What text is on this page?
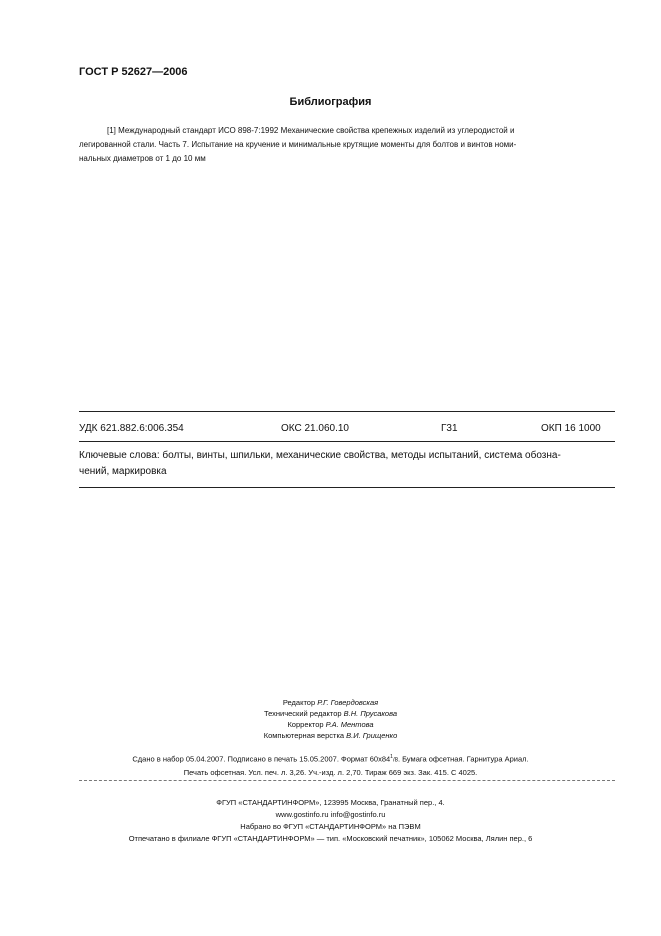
ГОСТ Р 52627—2006
Библиография
[1] Международный стандарт ИСО 898-7:1992 Механические свойства крепежных изделий из углеродистой и
легированной стали. Часть 7. Испытание на кручение и минимальные крутящие моменты для болтов и винтов номи-
нальных диаметров от 1 до 10 мм
УДК 621.882.6:006.354	ОКС 21.060.10	Г31	ОКП 16 1000
Ключевые слова: болты, винты, шпильки, механические свойства, методы испытаний, система обозна-
чений, маркировка
Редактор Р.Г. Говердовская
Технический редактор В.Н. Прусакова
Корректор Р.А. Ментова
Компьютерная верстка В.И. Грищенко
Сдано в набор 05.04.2007. Подписано в печать 15.05.2007. Формат $60х84^1/8$. Бумага офсетная. Гарнитура Ариал.
Печать офсетная. Усл. печ. л. 3,26. Уч.-изд. л. 2,70. Тираж 669 экз. Зак. 415. С 4025.
ФГУП «СТАНДАРТИНФОРМ», 123995 Москва, Гранатный пер., 4.
www.gostinfo.ru info@gostinfo.ru
Набрано во ФГУП «СТАНДАРТИНФОРМ» на ПЭВМ
Отпечатано в филиале ФГУП «СТАНДАРТИНФОРМ» — тип. «Московский печатник», 105062 Москва, Лялин пер., 6
